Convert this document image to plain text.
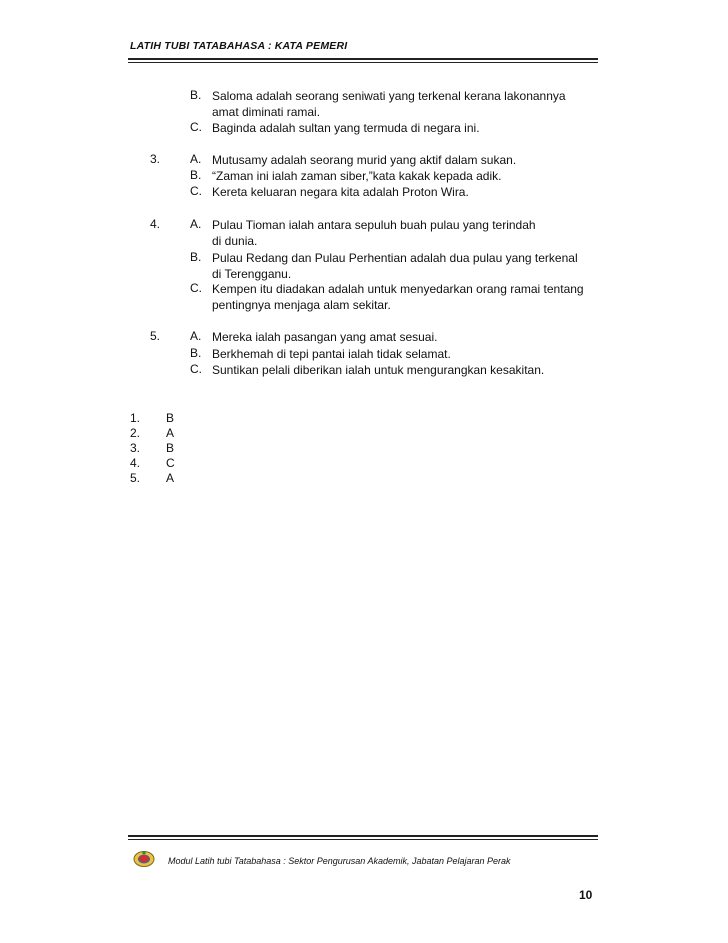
LATIH TUBI TATABAHASA : KATA PEMERI
B. Saloma adalah seorang seniwati yang terkenal kerana lakonannya
amat diminati ramai.
C. Baginda adalah sultan yang termuda di negara ini.
3. A. Mutusamy adalah seorang murid yang aktif dalam sukan.
B. “Zaman ini ialah zaman siber,”kata kakak kepada adik.
C. Kereta keluaran negara kita adalah Proton Wira.
4. A. Pulau Tioman ialah antara sepuluh buah pulau yang terindah
di dunia.
B. Pulau Redang dan Pulau Perhentian adalah dua pulau yang terkenal
di Terengganu.
C. Kempen itu diadakan adalah untuk menyedarkan orang ramai tentang
pentingnya menjaga alam sekitar.
5. A. Mereka ialah pasangan yang amat sesuai.
B. Berkhemah di tepi pantai ialah tidak selamat.
C. Suntikan pelali diberikan ialah untuk mengurangkan kesakitan.
1. B
2. A
3. B
4. C
5. A
Modul Latih tubi Tatabahasa : Sektor Pengurusan Akademik, Jabatan Pelajaran Perak
10
